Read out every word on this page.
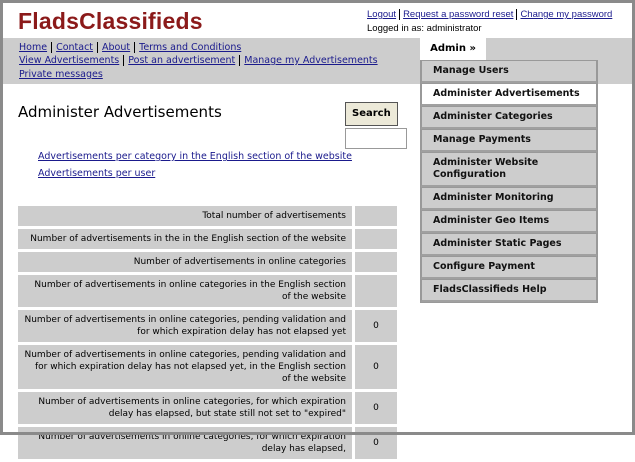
FladsClassifieds	Logout Request a password reset Change my password
Logged in as: administrator
Home Contact About Terms and Conditions
View Advertisements Post an advertisement Manage my Advertisements
Private messages
Administer Advertisements
Advertisements per category in the English section of the website
Advertisements per user
Search
Total number of advertisements	
Number of advertisements in the in the English section of the website	
Number of advertisements in online categories	
Number of advertisements in online categories in the English section of the website	
Number of advertisements in online categories, pending validation and for which expiration delay has not elapsed yet	0
Number of advertisements in online categories, pending validation and for which expiration delay has not elapsed yet, in the English section of the website	0
Number of advertisements in online categories, for which expiration delay has elapsed, but state still not set to "expired"	0
Number of advertisements in online categories, for which expiration delay has elapsed,	0
Admin »
Manage Users
Administer Advertisements
Administer Categories
Manage Payments
Administer Website Configuration
Administer Monitoring
Administer Geo Items
Administer Static Pages
Configure Payment
FladsClassifieds Help
